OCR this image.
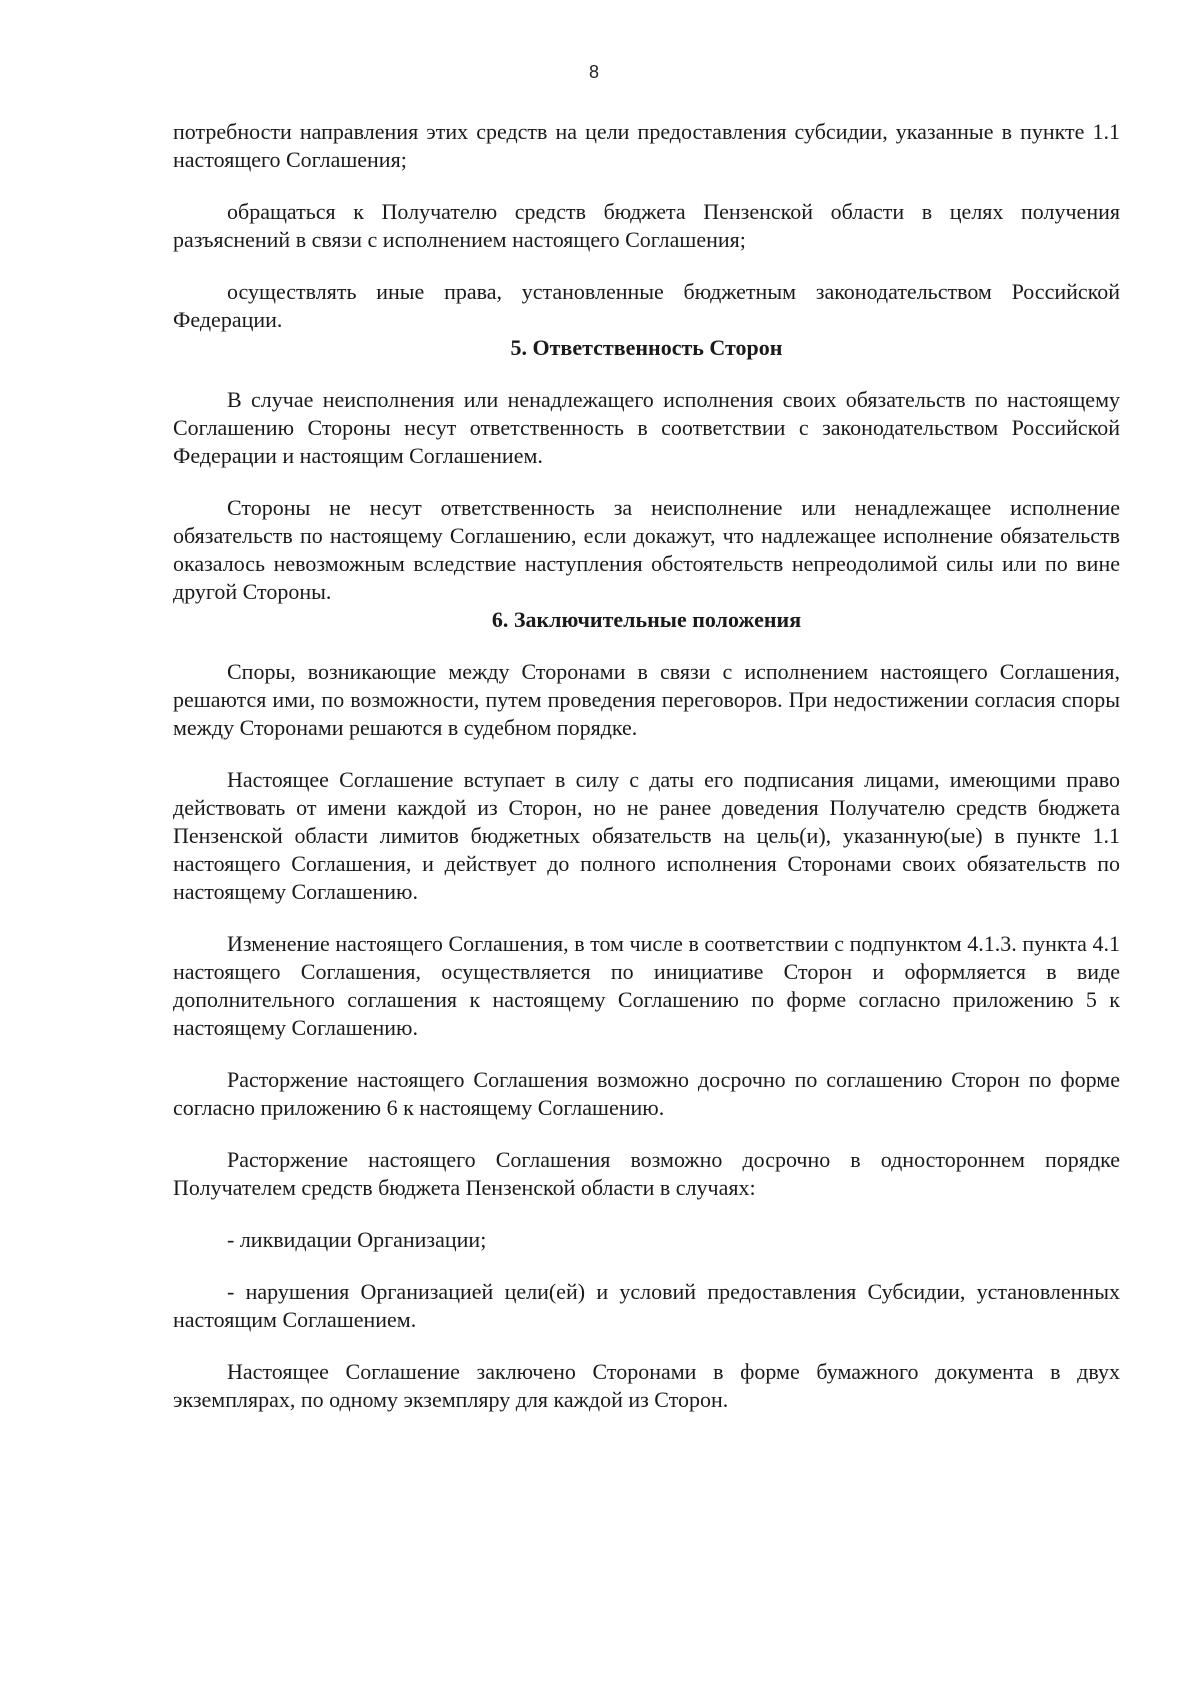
8

потребности направления этих средств на цели предоставления субсидии, указанные в пункте 1.1 настоящего Соглашения;

обращаться к Получателю средств бюджета Пензенской области в целях получения разъяснений в связи с исполнением настоящего Соглашения;

осуществлять иные права, установленные бюджетным законодательством Российской Федерации.

5. Ответственность Сторон

В случае неисполнения или ненадлежащего исполнения своих обязательств по настоящему Соглашению Стороны несут ответственность в соответствии с законодательством Российской Федерации и настоящим Соглашением.

Стороны не несут ответственность за неисполнение или ненадлежащее исполнение обязательств по настоящему Соглашению, если докажут, что надлежащее исполнение обязательств оказалось невозможным вследствие наступления обстоятельств непреодолимой силы или по вине другой Стороны.

6. Заключительные положения

Споры, возникающие между Сторонами в связи с исполнением настоящего Соглашения, решаются ими, по возможности, путем проведения переговоров. При недостижении согласия споры между Сторонами решаются в судебном порядке.

Настоящее Соглашение вступает в силу с даты его подписания лицами, имеющими право действовать от имени каждой из Сторон, но не ранее доведения Получателю средств бюджета Пензенской области лимитов бюджетных обязательств на цель(и), указанную(ые) в пункте 1.1 настоящего Соглашения, и действует до полного исполнения Сторонами своих обязательств по настоящему Соглашению.

Изменение настоящего Соглашения, в том числе в соответствии с подпунктом 4.1.3. пункта 4.1 настоящего Соглашения, осуществляется по инициативе Сторон и оформляется в виде дополнительного соглашения к настоящему Соглашению по форме согласно приложению 5 к настоящему Соглашению.

Расторжение настоящего Соглашения возможно досрочно по соглашению Сторон по форме согласно приложению 6 к настоящему Соглашению.

Расторжение настоящего Соглашения возможно досрочно в одностороннем порядке Получателем средств бюджета Пензенской области в случаях:

- ликвидации Организации;

- нарушения Организацией цели(ей) и условий предоставления Субсидии, установленных настоящим Соглашением.

Настоящее Соглашение заключено Сторонами в форме бумажного документа в двух экземплярах, по одному экземпляру для каждой из Сторон.
